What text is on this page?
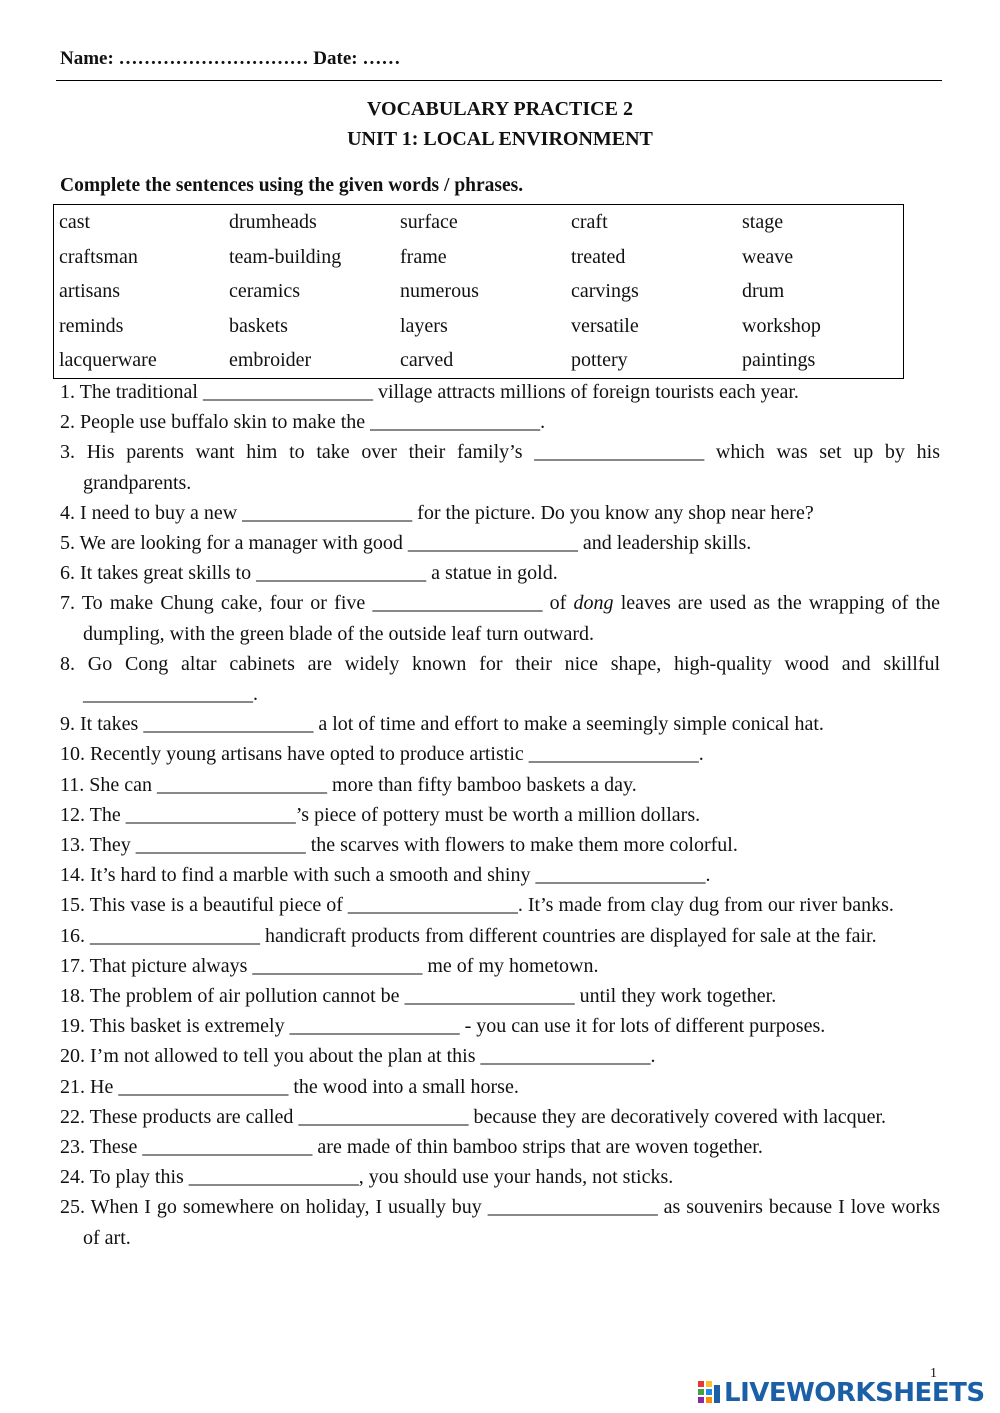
Name: ………………………… Date: ……
VOCABULARY PRACTICE 2
UNIT 1: LOCAL ENVIRONMENT
Complete the sentences using the given words / phrases.
cast	drumheads	surface	craft	stage
craftsman	team-building	frame	treated	weave
artisans	ceramics	numerous	carvings	drum
reminds	baskets	layers	versatile	workshop
lacquerware	embroider	carved	pottery	paintings
1. The traditional _________________ village attracts millions of foreign tourists each year.
2. People use buffalo skin to make the _________________.
3. His parents want him to take over their family’s _________________ which was set up by his grandparents.
4. I need to buy a new _________________ for the picture. Do you know any shop near here?
5. We are looking for a manager with good _________________ and leadership skills.
6. It takes great skills to _________________ a statue in gold.
7. To make Chung cake, four or five _________________ of dong leaves are used as the wrapping of the dumpling, with the green blade of the outside leaf turn outward.
8. Go Cong altar cabinets are widely known for their nice shape, high-quality wood and skillful _________________.
9. It takes _________________ a lot of time and effort to make a seemingly simple conical hat.
10. Recently young artisans have opted to produce artistic _________________.
11. She can _________________ more than fifty bamboo baskets a day.
12. The _________________’s piece of pottery must be worth a million dollars.
13. They _________________ the scarves with flowers to make them more colorful.
14. It’s hard to find a marble with such a smooth and shiny _________________.
15. This vase is a beautiful piece of _________________. It’s made from clay dug from our river banks.
16. _________________ handicraft products from different countries are displayed for sale at the fair.
17. That picture always _________________ me of my hometown.
18. The problem of air pollution cannot be _________________ until they work together.
19. This basket is extremely _________________ - you can use it for lots of different purposes.
20. I’m not allowed to tell you about the plan at this _________________.
21. He _________________ the wood into a small horse.
22. These products are called _________________ because they are decoratively covered with lacquer.
23. These _________________ are made of thin bamboo strips that are woven together.
24. To play this _________________, you should use your hands, not sticks.
25. When I go somewhere on holiday, I usually buy _________________ as souvenirs because I love works of art.
1
LIVEWORKSHEETS
